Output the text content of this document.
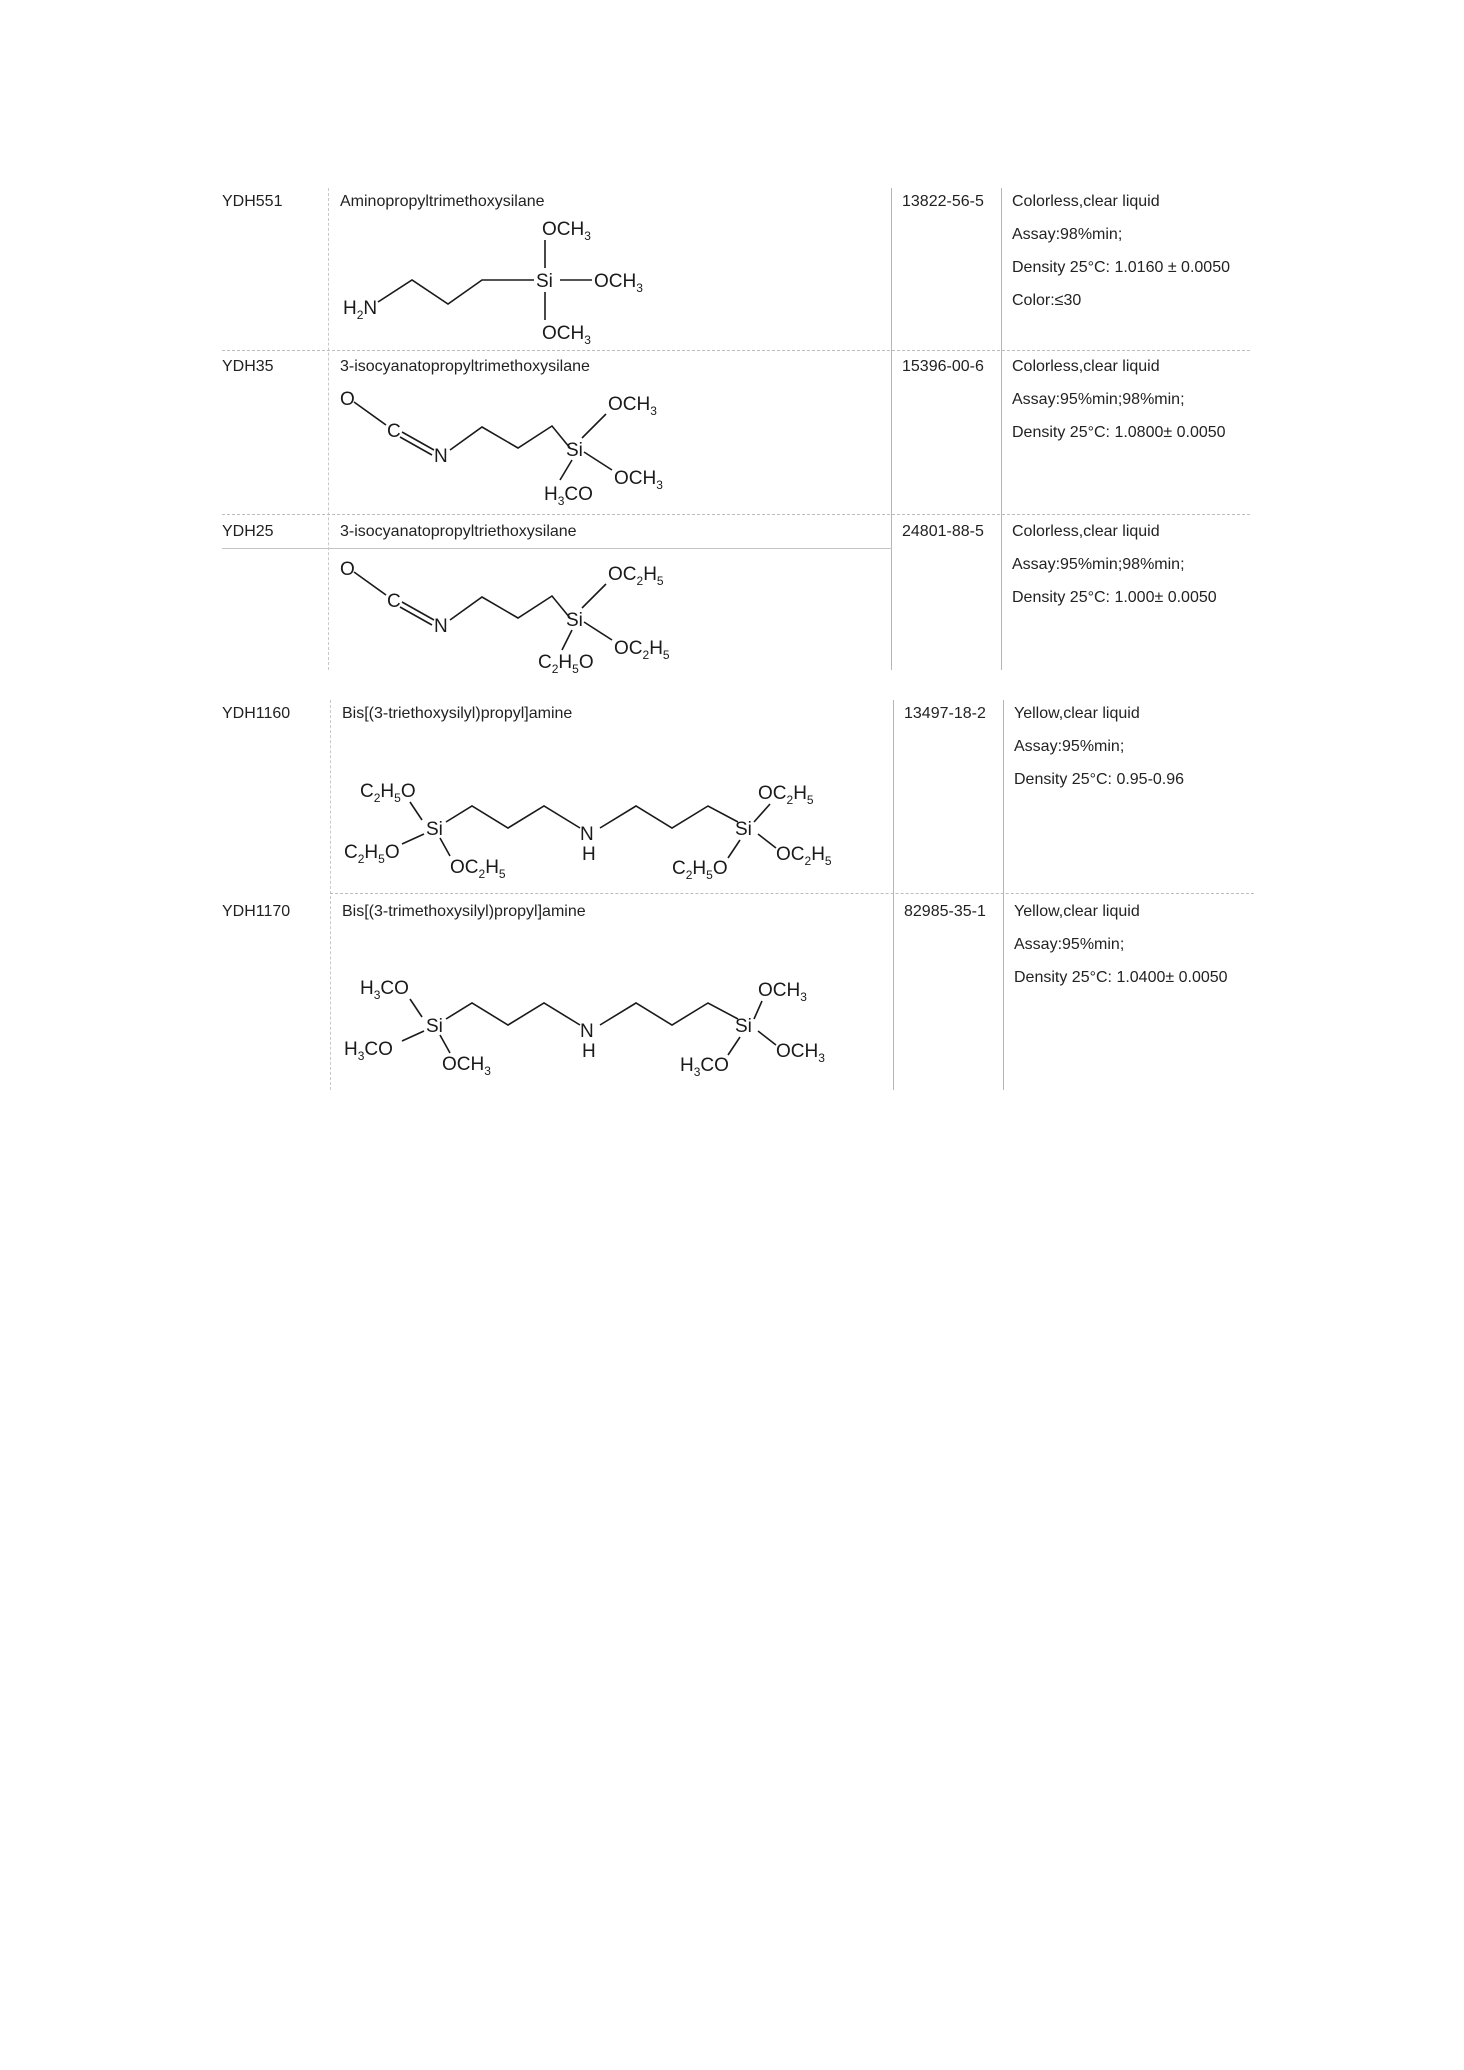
YDH551	Aminopropyltrimethoxysilane	13822-56-5 Colorless,clear liquid
Assay:98%min;
Density 25°C: 1.0160 ± 0.0050
Color:≤30
$H_2N$
Si
$OCH_3$
$OCH_3$
$OCH_3$
YDH35	3-isocyanatopropyltrimethoxysilane	15396-00-6 Colorless,clear liquid
Assay:95%min;98%min;
Density 25°C: 1.0800± 0.0050
O
C
N	Si
$OCH_3$
$OCH_3$
$H_3CO$
YDH25	3-isocyanatopropyltriethoxysilane	24801-88-5 Colorless,clear liquid
Assay:95%min;98%min;
Density 25°C: 1.000± 0.0050
O
C
N	Si
$OC_2H_5$
$OC_2H_5$
$C_2H_5O$
YDH1160	Bis[(3-triethoxysilyl)propyl]amine	13497-18-2 Yellow,clear liquid
Assay:95%min;
Density 25°C: 0.95-0.96
$C_2H_5O$
Si
$C_2H_5O$
$OC_2H_5$
N
H
Si
$OC_2H_5$
$OC_2H_5$
$C_2H_5O$
YDH1170	Bis[(3-trimethoxysilyl)propyl]amine	82985-35-1 Yellow,clear liquid
Assay:95%min;
Density 25°C: 1.0400± 0.0050
$H_3CO$
Si
$H_3CO$
$OCH_3$
N
H
Si
$OCH_3$
$OCH_3$
$H_3CO$
